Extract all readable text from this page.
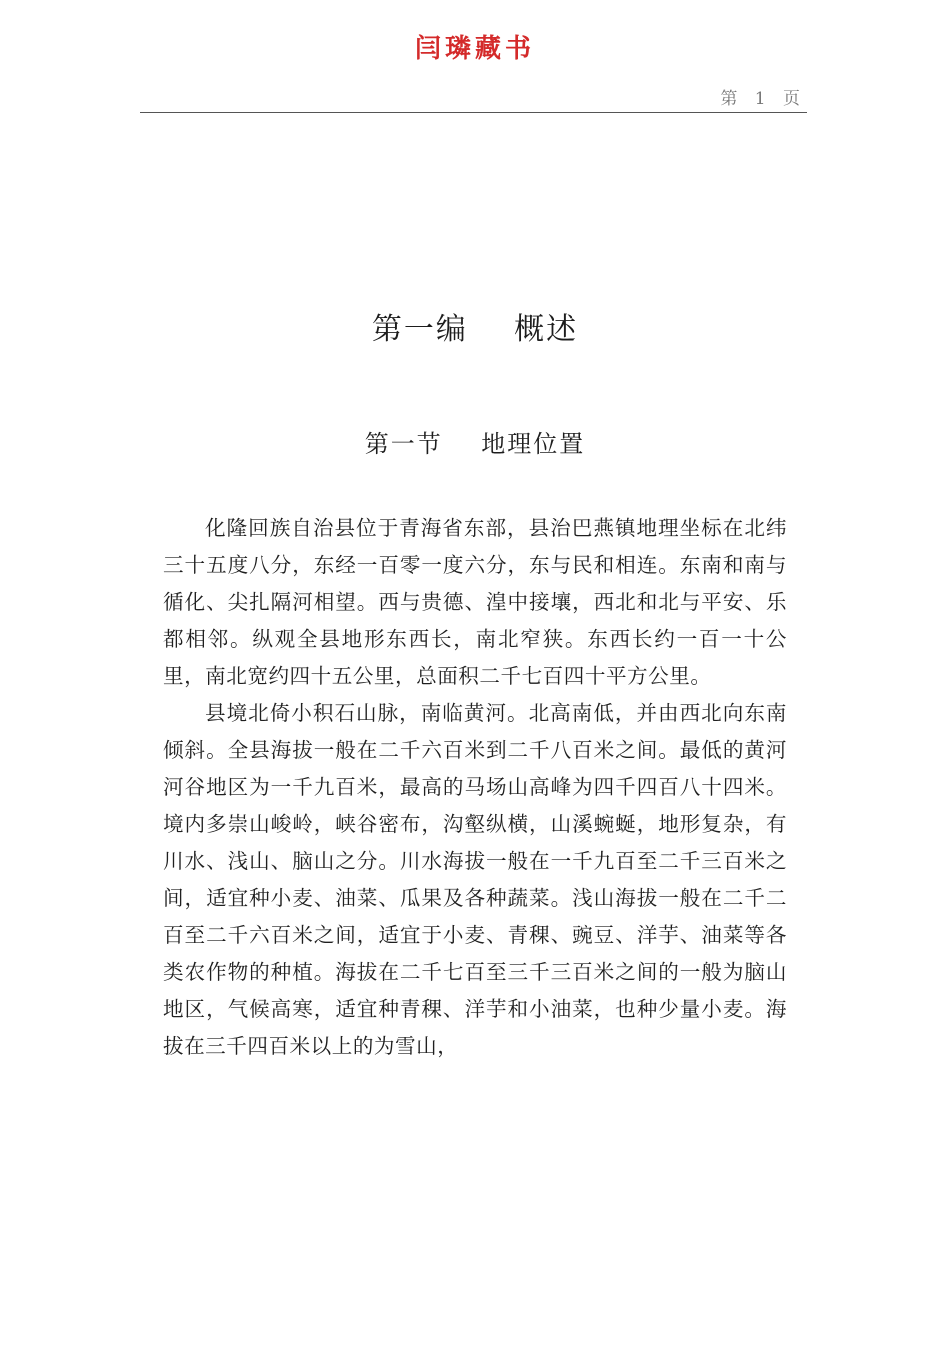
闫璘藏书
第 1 页
第一编    概述
第一节    地理位置

化隆回族自治县位于青海省东部，县治巴燕镇地理坐标在北纬三十五度八分，东经一百零一度六分，东与民和相连。东南和南与循化、尖扎隔河相望。西与贵德、湟中接壤，西北和北与平安、乐都相邻。纵观全县地形东西长，南北窄狭。东西长约一百一十公里，南北宽约四十五公里，总面积二千七百四十平方公里。

县境北倚小积石山脉，南临黄河。北高南低，并由西北向东南倾斜。全县海拔一般在二千六百米到二千八百米之间。最低的黄河河谷地区为一千九百米，最高的马场山高峰为四千四百八十四米。境内多崇山峻岭，峡谷密布，沟壑纵横，山溪蜿蜒，地形复杂，有川水、浅山、脑山之分。川水海拔一般在一千九百至二千三百米之间，适宜种小麦、油菜、瓜果及各种蔬菜。浅山海拔一般在二千二百至二千六百米之间，适宜于小麦、青稞、豌豆、洋芋、油菜等各类农作物的种植。海拔在二千七百至三千三百米之间的一般为脑山地区，气候高寒，适宜种青稞、洋芋和小油菜，也种少量小麦。海拔在三千四百米以上的为雪山，
